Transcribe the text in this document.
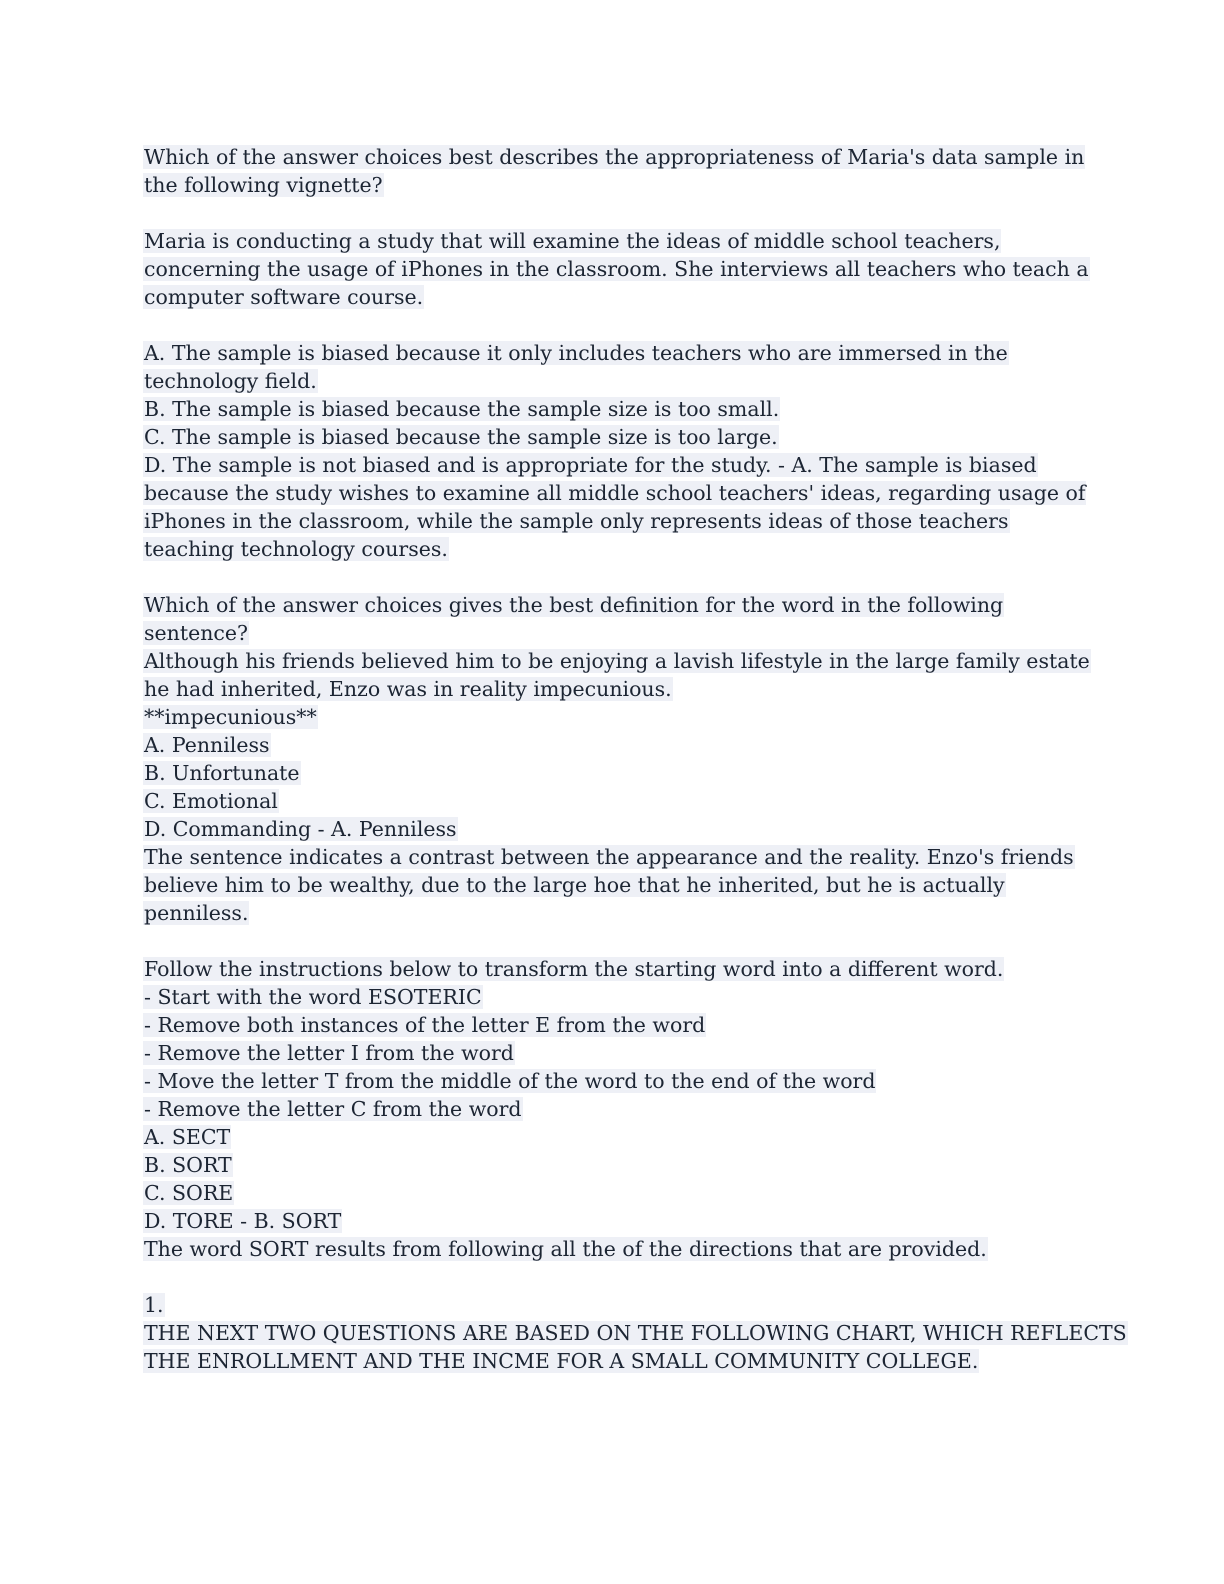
Which of the answer choices best describes the appropriateness of Maria's data sample in
the following vignette?
Maria is conducting a study that will examine the ideas of middle school teachers,
concerning the usage of iPhones in the classroom. She interviews all teachers who teach a
computer software course.
A. The sample is biased because it only includes teachers who are immersed in the
technology field.
B. The sample is biased because the sample size is too small.
C. The sample is biased because the sample size is too large.
D. The sample is not biased and is appropriate for the study. - A. The sample is biased
because the study wishes to examine all middle school teachers' ideas, regarding usage of
iPhones in the classroom, while the sample only represents ideas of those teachers
teaching technology courses.
Which of the answer choices gives the best definition for the word in the following
sentence?
Although his friends believed him to be enjoying a lavish lifestyle in the large family estate
he had inherited, Enzo was in reality impecunious.
**impecunious**
A. Penniless
B. Unfortunate
C. Emotional
D. Commanding - A. Penniless
The sentence indicates a contrast between the appearance and the reality. Enzo's friends
believe him to be wealthy, due to the large hoe that he inherited, but he is actually
penniless.
Follow the instructions below to transform the starting word into a different word.
- Start with the word ESOTERIC
- Remove both instances of the letter E from the word
- Remove the letter I from the word
- Move the letter T from the middle of the word to the end of the word
- Remove the letter C from the word
A. SECT
B. SORT
C. SORE
D. TORE - B. SORT
The word SORT results from following all the of the directions that are provided.
1.
THE NEXT TWO QUESTIONS ARE BASED ON THE FOLLOWING CHART, WHICH REFLECTS
THE ENROLLMENT AND THE INCME FOR A SMALL COMMUNITY COLLEGE.
